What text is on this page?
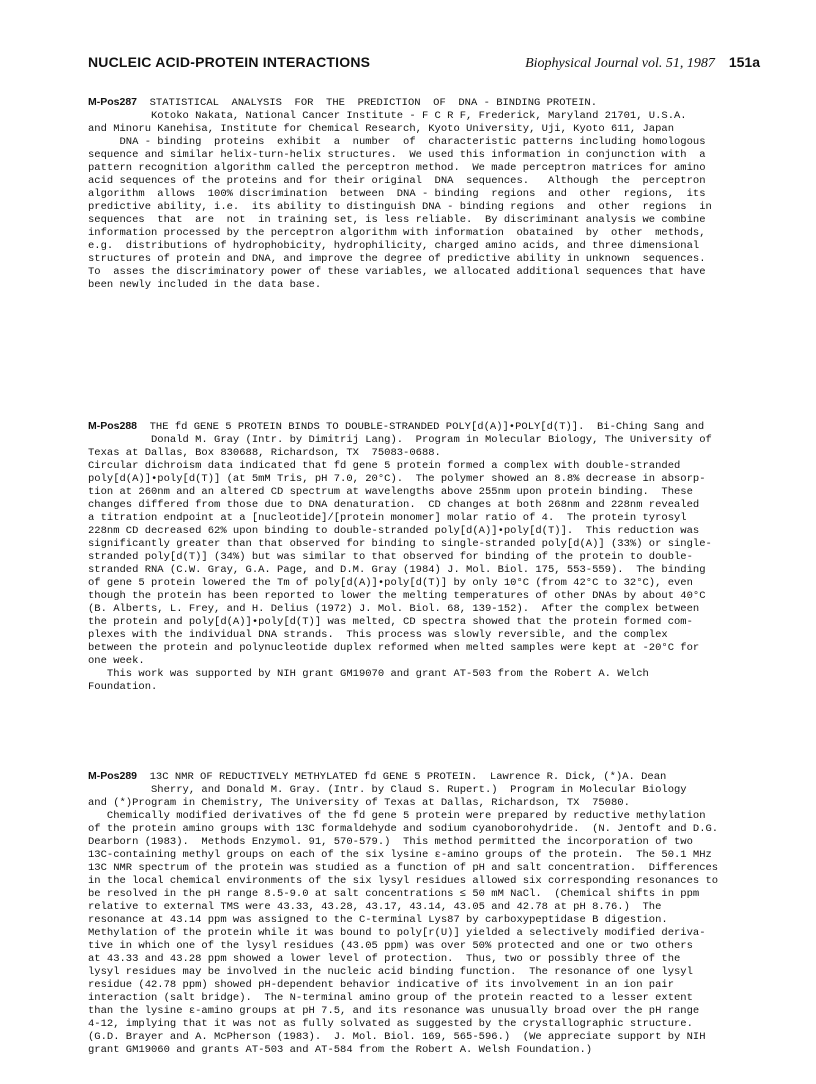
NUCLEIC ACID-PROTEIN INTERACTIONS	Biophysical Journal vol. 51, 1987 151a

M-Pos287  STATISTICAL  ANALYSIS  FOR  THE  PREDICTION  OF  DNA - BINDING PROTEIN.

Kotoko Nakata, National Cancer Institute - F C R F, Frederick, Maryland 21701, U.S.A.

and Minoru Kanehisa, Institute for Chemical Research, Kyoto University, Uji, Kyoto 611, Japan

DNA - binding  proteins  exhibit  a  number  of  characteristic patterns including homologous

sequence and similar helix-turn-helix structures.  We used this information in conjunction with  a

pattern recognition algorithm called the perceptron method.  We made perceptron matrices for amino

acid sequences of the proteins and for their original  DNA  sequences.   Although  the  perceptron

algorithm  allows  100% discrimination  between  DNA - binding  regions  and  other  regions,  its

predictive ability, i.e.  its ability to distinguish DNA - binding regions  and  other  regions  in

sequences  that  are  not  in training set, is less reliable.  By discriminant analysis we combine

information processed by the perceptron algorithm with information  obatained  by  other  methods,

e.g.  distributions of hydrophobicity, hydrophilicity, charged amino acids, and three dimensional

structures of protein and DNA, and improve the degree of predictive ability in unknown  sequences.

To  asses the discriminatory power of these variables, we allocated additional sequences that have

been newly included in the data base.

M-Pos288  THE fd GENE 5 PROTEIN BINDS TO DOUBLE-STRANDED POLY[d(A)]•POLY[d(T)].  Bi-Ching Sang and

Donald M. Gray (Intr. by Dimitrij Lang).  Program in Molecular Biology, The University of

Texas at Dallas, Box 830688, Richardson, TX  75083-0688.

Circular dichroism data indicated that fd gene 5 protein formed a complex with double-stranded

poly[d(A)]•poly[d(T)] (at 5mM Tris, pH 7.0, 20°C).  The polymer showed an 8.8% decrease in absorp-

tion at 260nm and an altered CD spectrum at wavelengths above 255nm upon protein binding.  These

changes differed from those due to DNA denaturation.  CD changes at both 268nm and 228nm revealed

a titration endpoint at a [nucleotide]/[protein monomer] molar ratio of 4.  The protein tyrosyl

228nm CD decreased 62% upon binding to double-stranded poly[d(A)]•poly[d(T)].  This reduction was

significantly greater than that observed for binding to single-stranded poly[d(A)] (33%) or single-

stranded poly[d(T)] (34%) but was similar to that observed for binding of the protein to double-

stranded RNA (C.W. Gray, G.A. Page, and D.M. Gray (1984) J. Mol. Biol. 175, 553-559).  The binding

of gene 5 protein lowered the Tm of poly[d(A)]•poly[d(T)] by only 10°C (from 42°C to 32°C), even

though the protein has been reported to lower the melting temperatures of other DNAs by about 40°C

(B. Alberts, L. Frey, and H. Delius (1972) J. Mol. Biol. 68, 139-152).  After the complex between

the protein and poly[d(A)]•poly[d(T)] was melted, CD spectra showed that the protein formed com-

plexes with the individual DNA strands.  This process was slowly reversible, and the complex

between the protein and polynucleotide duplex reformed when melted samples were kept at -20°C for

one week.

This work was supported by NIH grant GM19070 and grant AT-503 from the Robert A. Welch

Foundation.

M-Pos289  13C NMR OF REDUCTIVELY METHYLATED fd GENE 5 PROTEIN.  Lawrence R. Dick, (*)A. Dean

Sherry, and Donald M. Gray. (Intr. by Claud S. Rupert.)  Program in Molecular Biology

and (*)Program in Chemistry, The University of Texas at Dallas, Richardson, TX  75080.

Chemically modified derivatives of the fd gene 5 protein were prepared by reductive methylation

of the protein amino groups with 13C formaldehyde and sodium cyanoborohydride.  (N. Jentoft and D.G.

Dearborn (1983).  Methods Enzymol. 91, 570-579.)  This method permitted the incorporation of two

13C-containing methyl groups on each of the six lysine ε-amino groups of the protein.  The 50.1 MHz

13C NMR spectrum of the protein was studied as a function of pH and salt concentration.  Differences

in the local chemical environments of the six lysyl residues allowed six corresponding resonances to

be resolved in the pH range 8.5-9.0 at salt concentrations ≤ 50 mM NaCl.  (Chemical shifts in ppm

relative to external TMS were 43.33, 43.28, 43.17, 43.14, 43.05 and 42.78 at pH 8.76.)  The

resonance at 43.14 ppm was assigned to the C-terminal Lys87 by carboxypeptidase B digestion.

Methylation of the protein while it was bound to poly[r(U)] yielded a selectively modified deriva-

tive in which one of the lysyl residues (43.05 ppm) was over 50% protected and one or two others

at 43.33 and 43.28 ppm showed a lower level of protection.  Thus, two or possibly three of the

lysyl residues may be involved in the nucleic acid binding function.  The resonance of one lysyl

residue (42.78 ppm) showed pH-dependent behavior indicative of its involvement in an ion pair

interaction (salt bridge).  The N-terminal amino group of the protein reacted to a lesser extent

than the lysine ε-amino groups at pH 7.5, and its resonance was unusually broad over the pH range

4-12, implying that it was not as fully solvated as suggested by the crystallographic structure.

(G.D. Brayer and A. McPherson (1983).  J. Mol. Biol. 169, 565-596.)  (We appreciate support by NIH

grant GM19060 and grants AT-503 and AT-584 from the Robert A. Welsh Foundation.)
